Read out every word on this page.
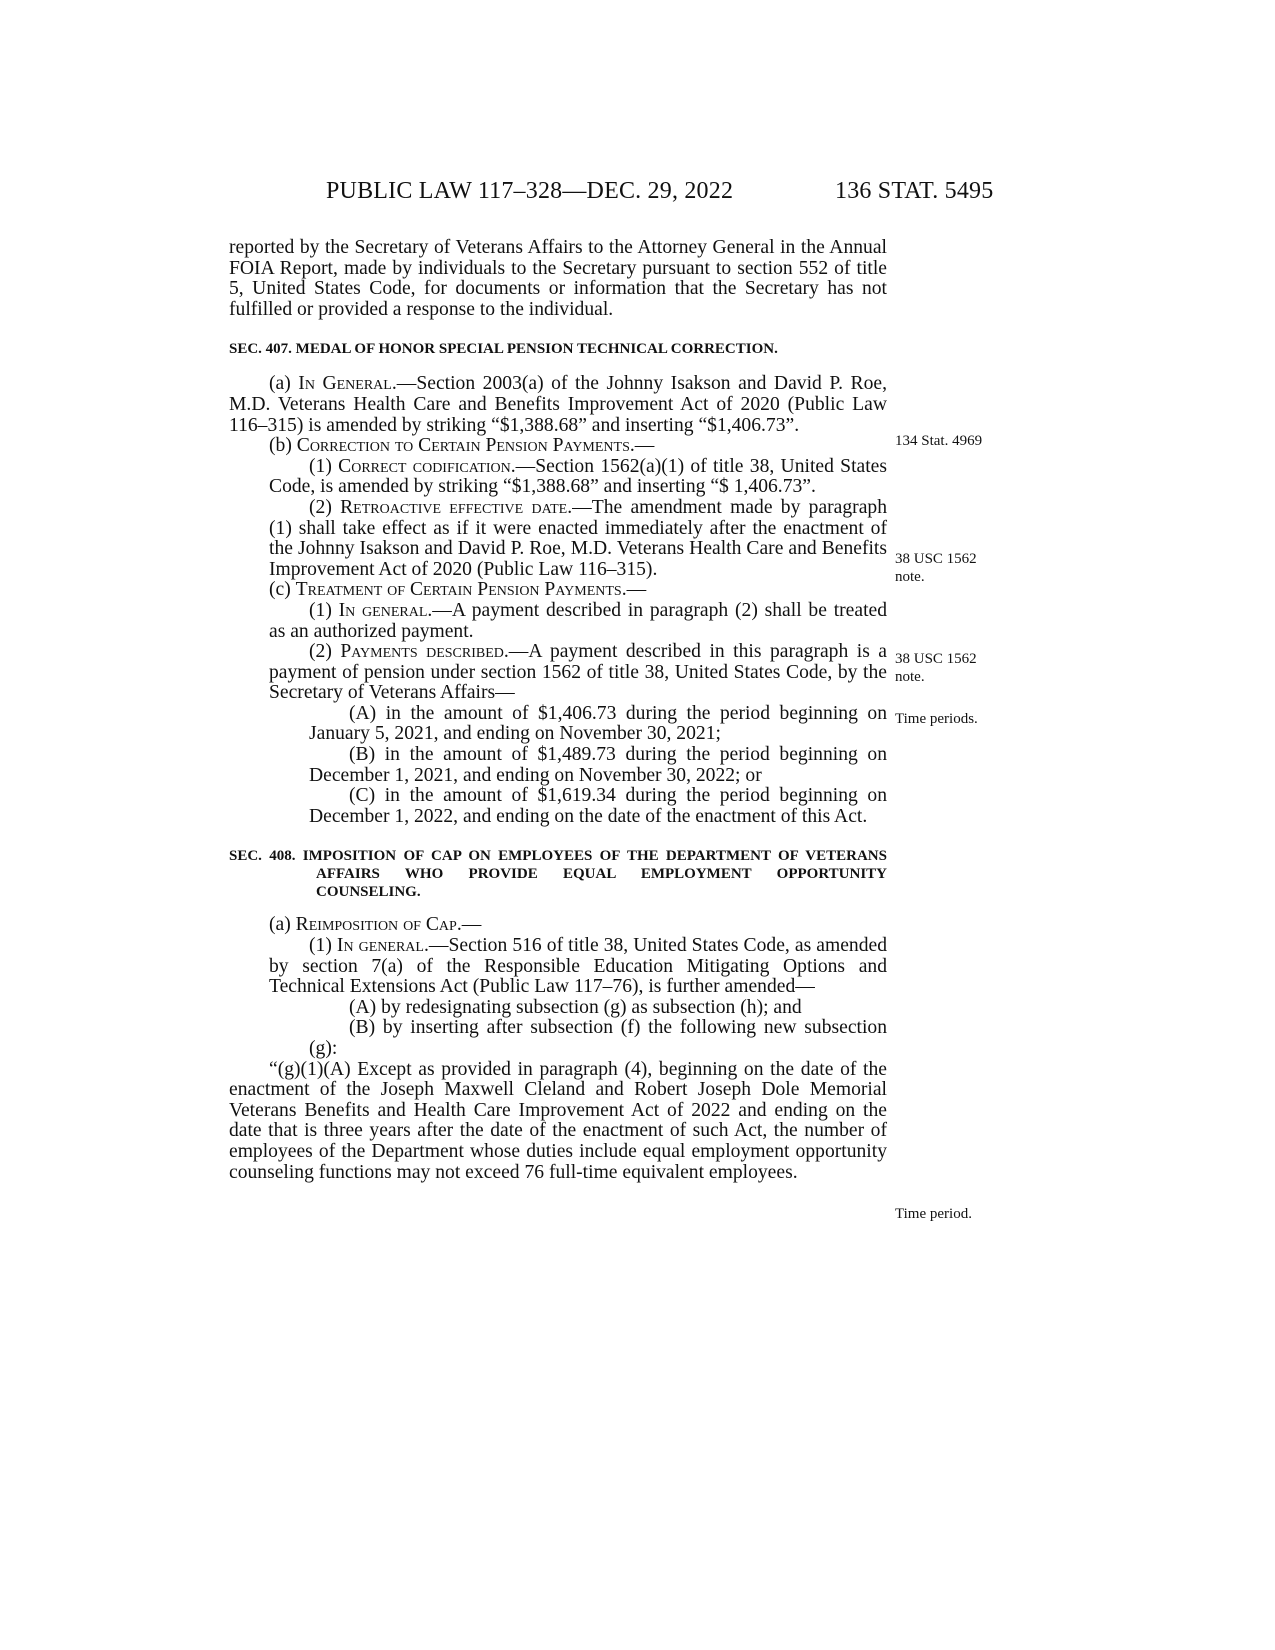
PUBLIC LAW 117–328—DEC. 29, 2022	136 STAT. 5495

reported by the Secretary of Veterans Affairs to the Attorney General in the Annual FOIA Report, made by individuals to the Secretary pursuant to section 552 of title 5, United States Code, for documents or information that the Secretary has not fulfilled or provided a response to the individual.

SEC. 407. MEDAL OF HONOR SPECIAL PENSION TECHNICAL CORRECTION.

(a) In General.—Section 2003(a) of the Johnny Isakson and David P. Roe, M.D. Veterans Health Care and Benefits Improvement Act of 2020 (Public Law 116–315) is amended by striking “$1,388.68” and inserting “$1,406.73”.

(b) Correction to Certain Pension Payments.—

(1) Correct codification.—Section 1562(a)(1) of title 38, United States Code, is amended by striking “$1,388.68” and inserting “$ 1,406.73”.

(2) Retroactive effective date.—The amendment made by paragraph (1) shall take effect as if it were enacted immediately after the enactment of the Johnny Isakson and David P. Roe, M.D. Veterans Health Care and Benefits Improvement Act of 2020 (Public Law 116–315).

(c) Treatment of Certain Pension Payments.—

(1) In general.—A payment described in paragraph (2) shall be treated as an authorized payment.

(2) Payments described.—A payment described in this paragraph is a payment of pension under section 1562 of title 38, United States Code, by the Secretary of Veterans Affairs—

(A) in the amount of $1,406.73 during the period beginning on January 5, 2021, and ending on November 30, 2021;

(B) in the amount of $1,489.73 during the period beginning on December 1, 2021, and ending on November 30, 2022; or

(C) in the amount of $1,619.34 during the period beginning on December 1, 2022, and ending on the date of the enactment of this Act.

SEC. 408. IMPOSITION OF CAP ON EMPLOYEES OF THE DEPARTMENT OF VETERANS AFFAIRS WHO PROVIDE EQUAL EMPLOYMENT OPPORTUNITY COUNSELING.

(a) Reimposition of Cap.—

(1) In general.—Section 516 of title 38, United States Code, as amended by section 7(a) of the Responsible Education Mitigating Options and Technical Extensions Act (Public Law 117–76), is further amended—

(A) by redesignating subsection (g) as subsection (h); and

(B) by inserting after subsection (f) the following new subsection (g):

“(g)(1)(A) Except as provided in paragraph (4), beginning on the date of the enactment of the Joseph Maxwell Cleland and Robert Joseph Dole Memorial Veterans Benefits and Health Care Improvement Act of 2022 and ending on the date that is three years after the date of the enactment of such Act, the number of employees of the Department whose duties include equal employment opportunity counseling functions may not exceed 76 full-time equivalent employees.

134 Stat. 4969
38 USC 1562
note.
38 USC 1562
note.
Time periods.
Time period.
